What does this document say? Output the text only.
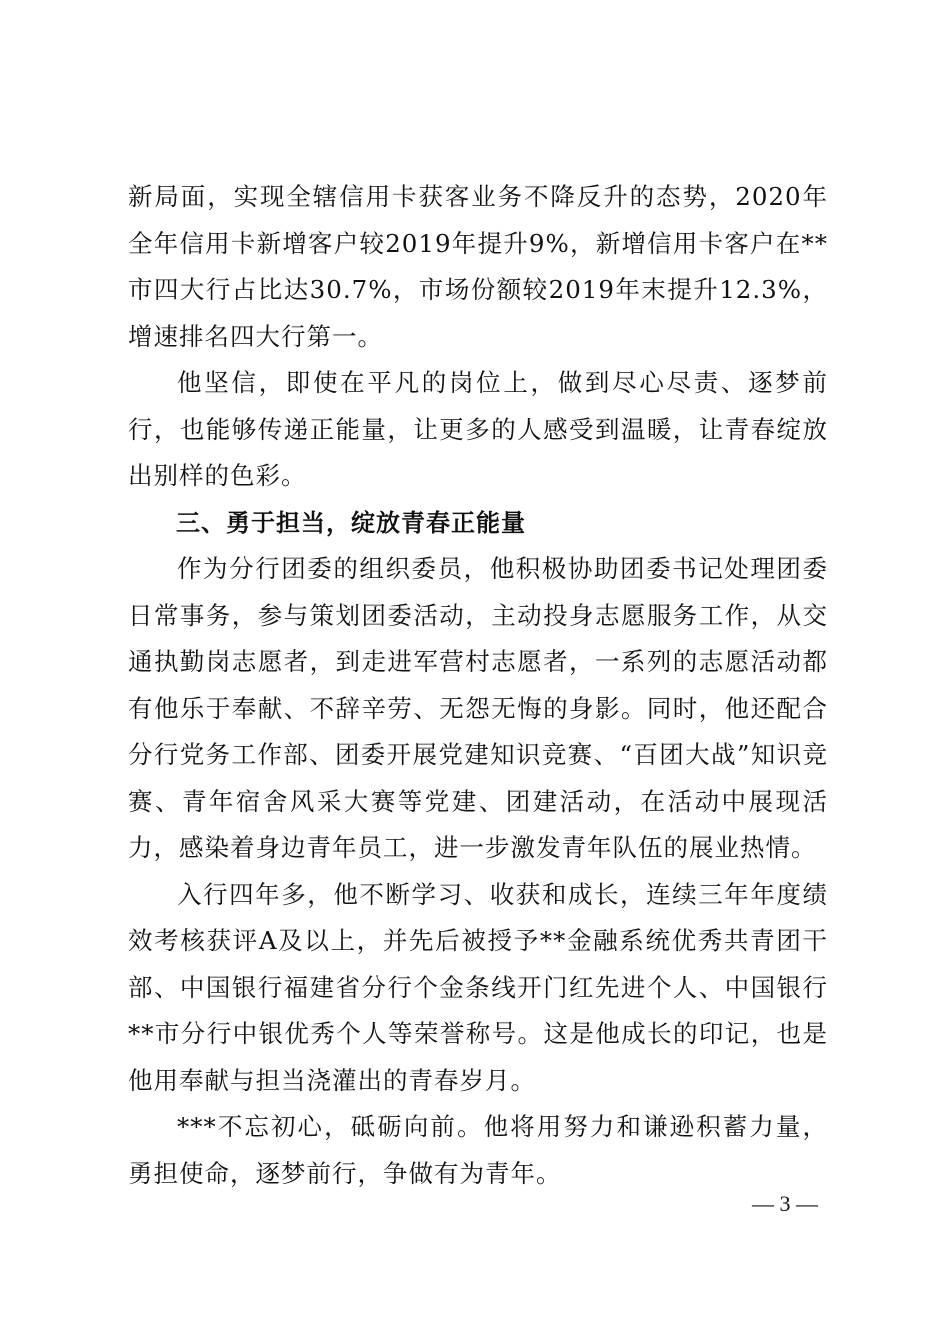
新局面，实现全辖信用卡获客业务不降反升的态势，2020年全年信用卡新增客户较2019年提升9%，新增信用卡客户在**市四大行占比达30.7%，市场份额较2019年末提升12.3%，增速排名四大行第一。

他坚信，即使在平凡的岗位上，做到尽心尽责、逐梦前行，也能够传递正能量，让更多的人感受到温暖，让青春绽放出别样的色彩。

三、勇于担当，绽放青春正能量

作为分行团委的组织委员，他积极协助团委书记处理团委日常事务，参与策划团委活动，主动投身志愿服务工作，从交通执勤岗志愿者，到走进军营村志愿者，一系列的志愿活动都有他乐于奉献、不辞辛劳、无怨无悔的身影。同时，他还配合分行党务工作部、团委开展党建知识竞赛、“百团大战”知识竞赛、青年宿舍风采大赛等党建、团建活动，在活动中展现活力，感染着身边青年员工，进一步激发青年队伍的展业热情。

入行四年多，他不断学习、收获和成长，连续三年年度绩效考核获评A及以上，并先后被授予**金融系统优秀共青团干部、中国银行福建省分行个金条线开门红先进个人、中国银行**市分行中银优秀个人等荣誉称号。这是他成长的印记，也是他用奉献与担当浇灌出的青春岁月。

***不忘初心，砥砺向前。他将用努力和谦逊积蓄力量，勇担使命，逐梦前行，争做有为青年。

— 3 —
